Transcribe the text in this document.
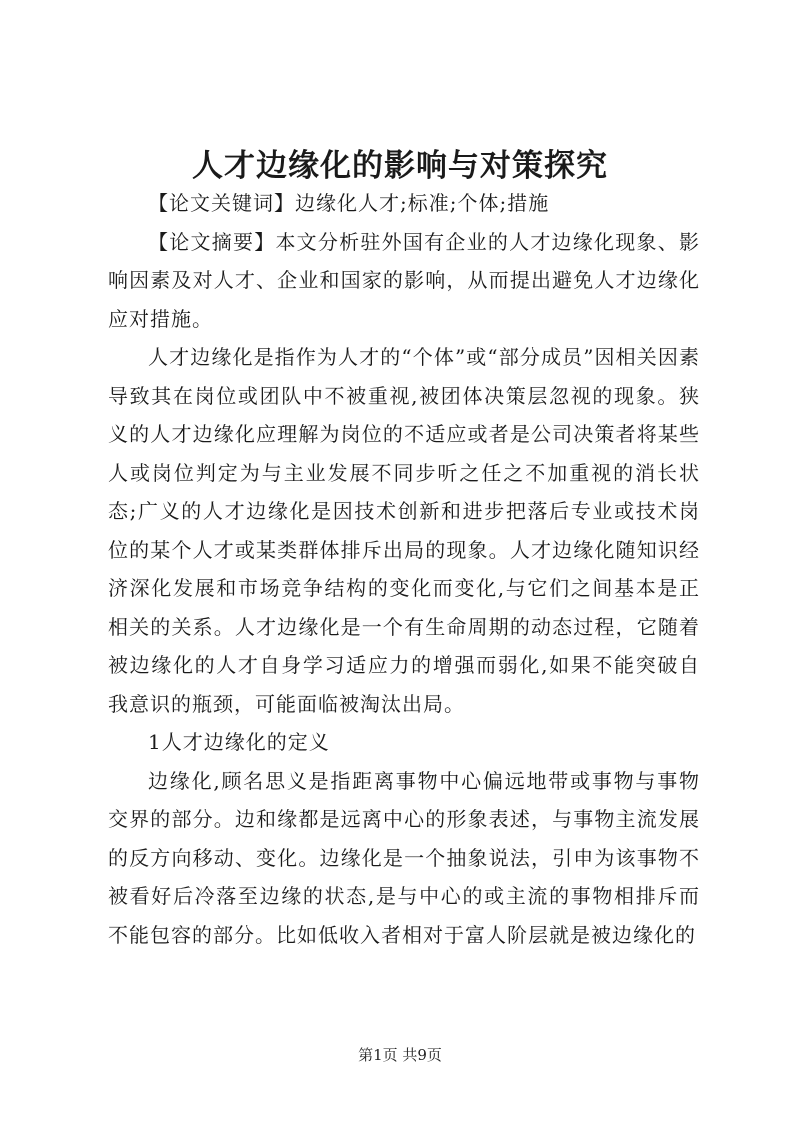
人才边缘化的影响与对策探究

【论文关键词】边缘化人才;标准;个体;措施

【论文摘要】本文分析驻外国有企业的人才边缘化现象、影响因素及对人才、企业和国家的影响，从而提出避免人才边缘化应对措施。

人才边缘化是指作为人才的“个体”或“部分成员”因相关因素导致其在岗位或团队中不被重视,被团体决策层忽视的现象。狭义的人才边缘化应理解为岗位的不适应或者是公司决策者将某些人或岗位判定为与主业发展不同步听之任之不加重视的消长状态;广义的人才边缘化是因技术创新和进步把落后专业或技术岗位的某个人才或某类群体排斥出局的现象。人才边缘化随知识经济深化发展和市场竞争结构的变化而变化,与它们之间基本是正相关的关系。人才边缘化是一个有生命周期的动态过程，它随着被边缘化的人才自身学习适应力的增强而弱化,如果不能突破自我意识的瓶颈，可能面临被淘汰出局。

1人才边缘化的定义

边缘化,顾名思义是指距离事物中心偏远地带或事物与事物交界的部分。边和缘都是远离中心的形象表述，与事物主流发展的反方向移动、变化。边缘化是一个抽象说法，引申为该事物不被看好后冷落至边缘的状态,是与中心的或主流的事物相排斥而不能包容的部分。比如低收入者相对于富人阶层就是被边缘化的

第1页 共9页
